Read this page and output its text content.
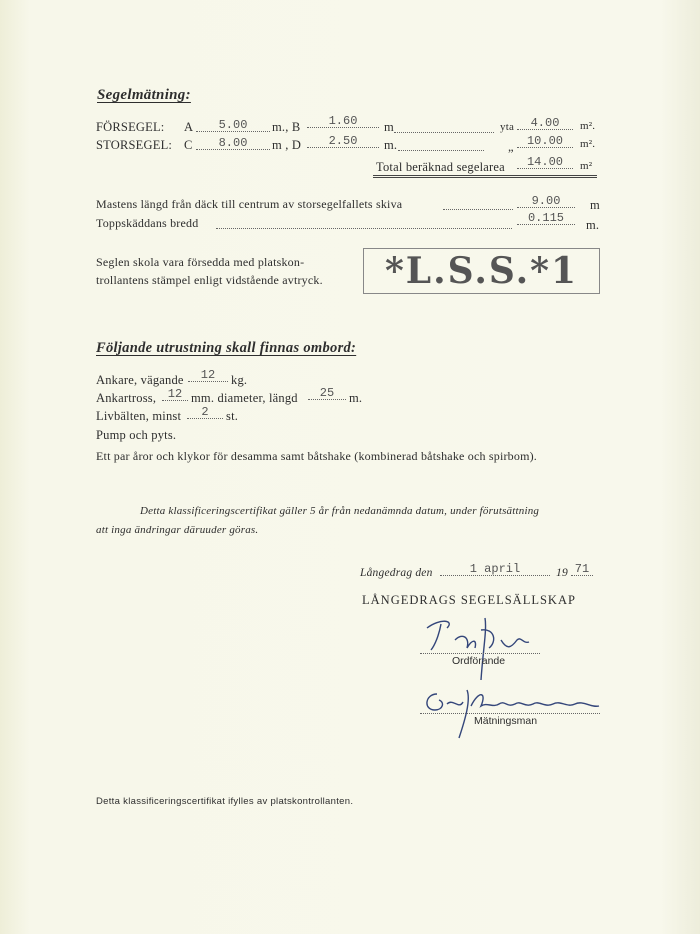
Segelmätning:
FÖRSEGEL: A	5.00	m., B	1.60	m	yta	4.00	m².
STORSEGEL: C	8.00	m , D	2.50	m.	„	10.00	m².
Total beräknad segelarea	14.00	m²
Mastens längd från däck till centrum av storsegelfallets skiva	9.00	m
Toppskäddans bredd	0.115	m.
Seglen skola vara försedda med platskon-
trollantens stämpel enligt vidstående avtryck.	*L.S.S.*1
Följande utrustning skall finnas ombord:
Ankare, vägande	12	kg.
Ankartross, 12 mm. diameter, längd	25	m.
Livbälten, minst	2	st.
Pump och pyts.
Ett par åror och klykor för desamma samt båtshake (kombinerad båtshake och spirbom).
Detta klassificeringscertifikat gäller 5 år från nedanämnda datum, under förutsättning
att inga ändringar däruuder göras.
Långedrag den	1 april	19 71
LÅNGEDRAGS SEGELSÄLLSKAP
Ordförande
Mätningsman
Detta klassificeringscertifikat ifylles av platskontrollanten.
